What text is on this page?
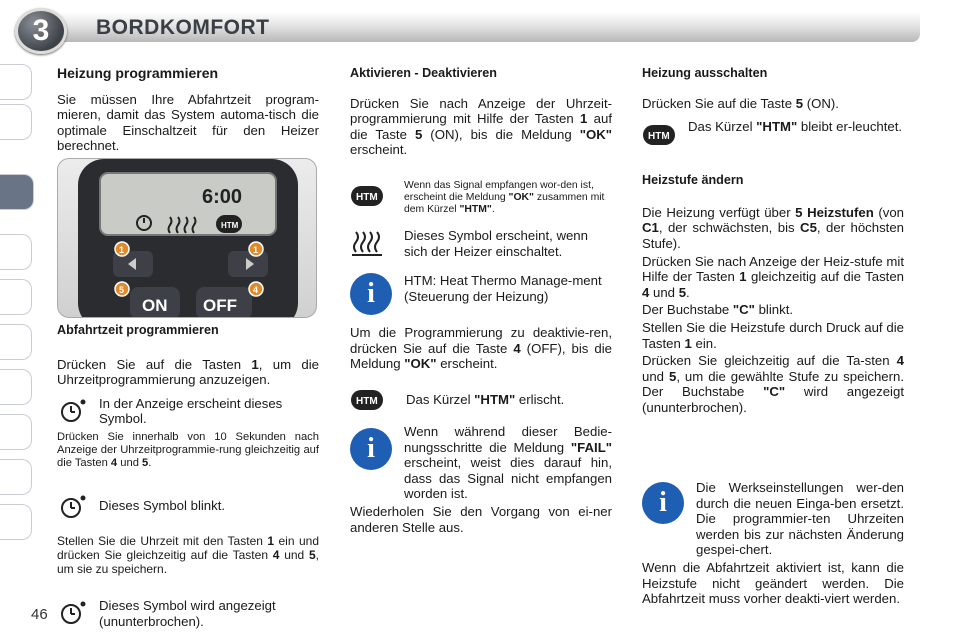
3	BORDKOMFORT
46
Heizung programmieren

Sie müssen Ihre Abfahrtzeit program-mieren, damit das System automa-tisch die optimale Einschaltzeit für den Heizer berechnet.

6:00
HTM
1	1
ON OFF
5	4
Abfahrtzeit programmieren

Drücken Sie auf die Tasten 1, um die Uhrzeitprogrammierung anzuzeigen.

In der Anzeige erscheint dieses Symbol.

Drücken Sie innerhalb von 10 Sekunden nach Anzeige der Uhrzeitprogrammie-rung gleichzeitig auf die Tasten 4 und 5.

Dieses Symbol blinkt.

Stellen Sie die Uhrzeit mit den Tasten 1 ein und drücken Sie gleichzeitig auf die Tasten 4 und 5, um sie zu speichern.

Dieses Symbol wird angezeigt (ununterbrochen).
Aktivieren - Deaktivieren

Drücken Sie nach Anzeige der Uhrzeit-programmierung mit Hilfe der Tasten 1 auf die Taste 5 (ON), bis die Meldung "OK" erscheint.

HTM
Wenn das Signal empfangen wor-den ist, erscheint die Meldung "OK" zusammen mit dem Kürzel "HTM".
Dieses Symbol erscheint, wenn sich der Heizer einschaltet.
i	HTM: Heat Thermo Manage-ment (Steuerung der Heizung)

Um die Programmierung zu deaktivie-ren, drücken Sie auf die Taste 4 (OFF), bis die Meldung "OK" erscheint.

HTM Das Kürzel "HTM" erlischt.
i

Wenn während dieser Bedie-nungsschritte die Meldung "FAIL" erscheint, weist dies darauf hin, dass das Signal nicht empfangen worden ist.

Wiederholen Sie den Vorgang von ei-ner anderen Stelle aus.

Heizung ausschalten

Drücken Sie auf die Taste 5 (ON).

HTM
Das Kürzel "HTM" bleibt er-leuchtet.
Heizstufe ändern

Die Heizung verfügt über 5 Heizstufen (von C1, der schwächsten, bis C5, der höchsten Stufe).

Drücken Sie nach Anzeige der Heiz-stufe mit Hilfe der Tasten 1 gleichzeitig auf die Tasten 4 und 5.

Der Buchstabe "C" blinkt.

Stellen Sie die Heizstufe durch Druck auf die Tasten 1 ein.

Drücken Sie gleichzeitig auf die Ta-sten 4 und 5, um die gewählte Stufe zu speichern. Der Buchstabe "C" wird angezeigt (ununterbrochen).

i	Die Werkseinstellungen wer-den durch die neuen Einga-ben ersetzt. Die programmier-ten Uhrzeiten werden bis zur nächsten Änderung gespei-chert.

Wenn die Abfahrtzeit aktiviert ist, kann die Heizstufe nicht geändert werden. Die Abfahrtzeit muss vorher deakti-viert werden.
